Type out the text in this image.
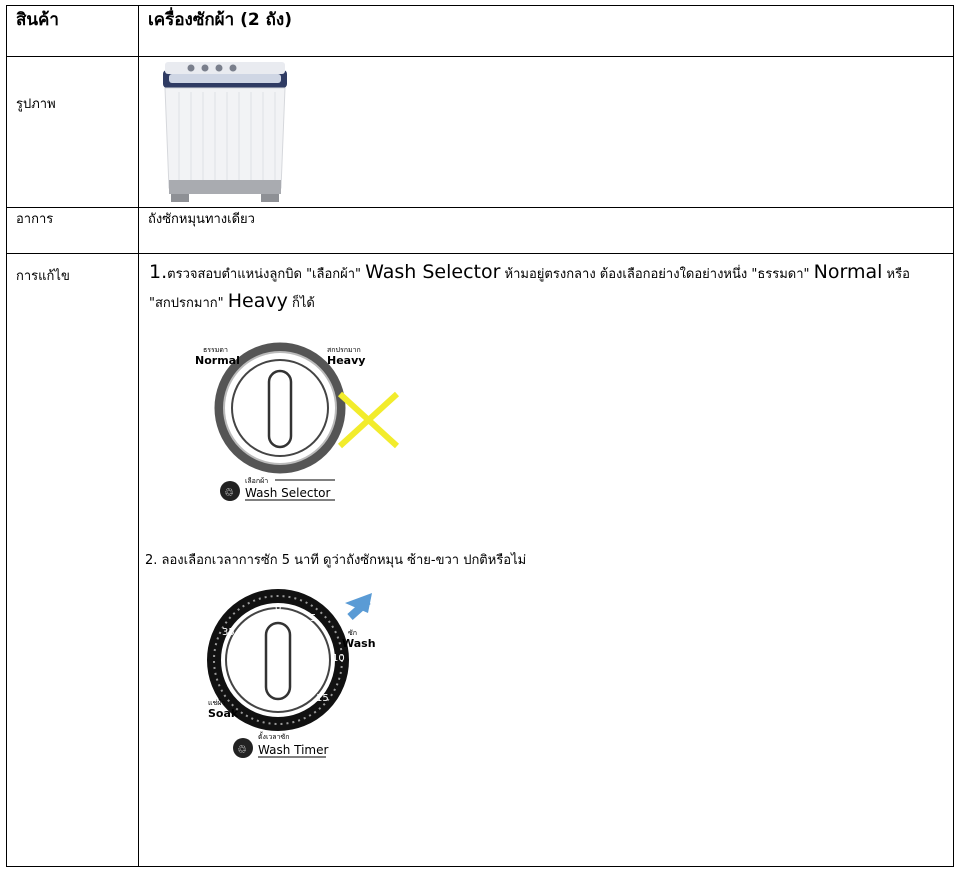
สินค้า	เครื่องซักผ้า (2 ถัง)

รูปภาพ

อาการ	ถังซักหมุนทางเดียว

การแก้ไข	1.ตรวจสอบตำแหน่งลูกบิด "เลือกผ้า" Wash Selector ห้ามอยู่ตรงกลาง ต้องเลือกอย่างใดอย่างหนึ่ง "ธรรมดา" Normal หรือ "สกปรกมาก" Heavy ก็ได้
ธรรมดา
Normal
สกปรกมาก
Heavy
♲
เลือกผ้า
Wash Selector
2. ลองเลือกเวลาการซัก 5 นาที ดูว่าถังซักหมุน ซ้าย-ขวา ปกติหรือไม่
0
5
10
15
35	ซัก
Wash
แช่ผ้า
Soak
♲
ตั้งเวลาซัก
Wash Timer
